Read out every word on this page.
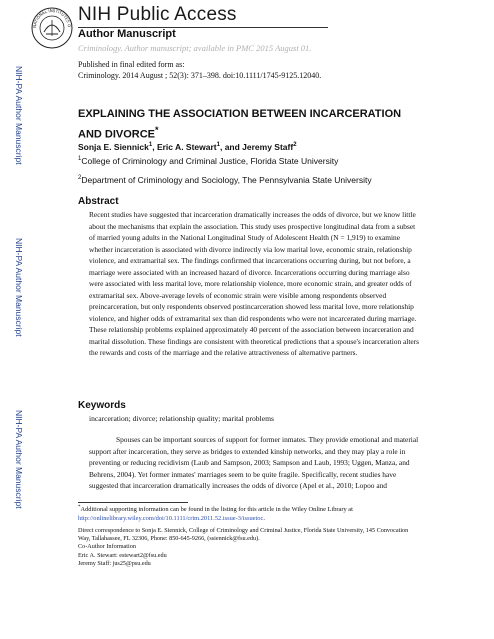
NATIONAL INSTITUTES O
NIH Public Access
Author Manuscript
Criminology. Author manuscript; available in PMC 2015 August 01.
Published in final edited form as:
Criminology. 2014 August ; 52(3): 371–398. doi:10.1111/1745-9125.12040.
NIH-PA Author Manuscript
NIH-PA Author Manuscript
NIH-PA Author Manuscript
EXPLAINING THE ASSOCIATION BETWEEN INCARCERATION
AND DIVORCE*
Sonja E. Siennick$^1$, Eric A. Stewart$^1$, and Jeremy Staff$^2$
$^1$College of Criminology and Criminal Justice, Florida State University
$^2$Department of Criminology and Sociology, The Pennsylvania State University
Abstract
Recent studies have suggested that incarceration dramatically increases the odds of divorce, but we know little about the mechanisms that explain the association. This study uses prospective longitudinal data from a subset of married young adults in the National Longitudinal Study of Adolescent Health (N = 1,919) to examine whether incarceration is associated with divorce indirectly via low marital love, economic strain, relationship violence, and extramarital sex. The findings confirmed that incarcerations occurring during, but not before, a marriage were associated with an increased hazard of divorce. Incarcerations occurring during marriage also were associated with less marital love, more relationship violence, more economic strain, and greater odds of extramarital sex. Above-average levels of economic strain were visible among respondents observed preincarceration, but only respondents observed postincarceration showed less marital love, more relationship violence, and higher odds of extramarital sex than did respondents who were not incarcerated during marriage. These relationship problems explained approximately 40 percent of the association between incarceration and marital dissolution. These findings are consistent with theoretical predictions that a spouse's incarceration alters the rewards and costs of the marriage and the relative attractiveness of alternative partners.
Keywords
incarceration; divorce; relationship quality; marital problems
Spouses can be important sources of support for former inmates. They provide emotional and material support after incarceration, they serve as bridges to extended kinship networks, and they may play a role in preventing or reducing recidivism (Laub and Sampson, 2003; Sampson and Laub, 1993; Uggen, Manza, and Behrens, 2004). Yet former inmates' marriages seem to be quite fragile. Specifically, recent studies have suggested that incarceration dramatically increases the odds of divorce (Apel et al., 2010; Lopoo and
*Additional supporting information can be found in the listing for this article in the Wiley Online Library at http://onlinelibrary.wiley.com/doi/10.1111/crim.2011.52.issue-3/issuetoc.
Direct correspondence to Sonja E. Siennick, College of Criminology and Criminal Justice, Florida State University, 145 Convocation
Way, Tallahassee, FL 32306, Phone: 850-645-9266, (ssiennick@fsu.edu).
Co-Author Information
Eric A. Stewart: estewart2@fsu.edu
Jeremy Staff: jus25@psu.edu
